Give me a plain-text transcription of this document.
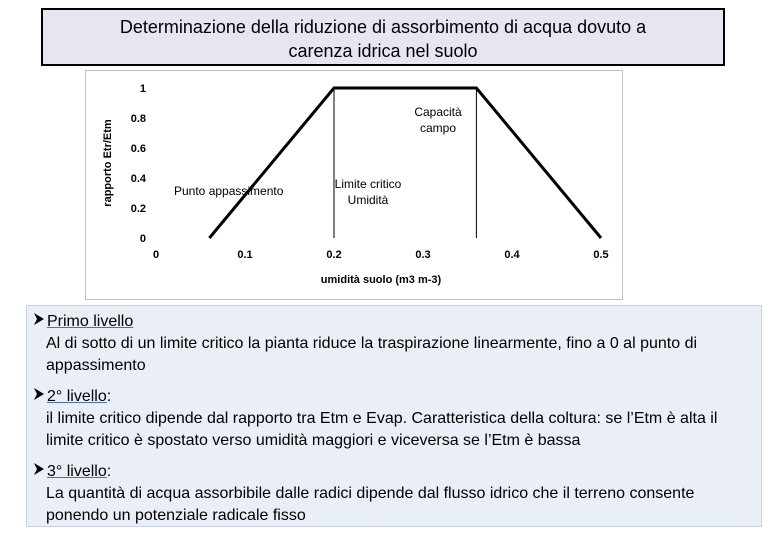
Determinazione della riduzione di assorbimento di acqua dovuto a
carenza idrica nel suolo
0
0.2
0.4
0.6
0.8
1
0	0.1	0.2	0.3	0.4	0.5
umidità suolo (m3 m-3)
rapporto Etr/Etm	Punto appassimento	Limite critico
Umidità
Capacità
campo
Primo livello
Al di sotto di un limite critico la pianta riduce la traspirazione linearmente, fino a 0 al punto di appassimento
2° livello:
il limite critico dipende dal rapporto tra Etm e Evap. Caratteristica della coltura: se l’Etm è alta il limite critico è spostato verso umidità maggiori e viceversa se l’Etm è bassa
3° livello:
La quantità di acqua assorbibile dalle radici dipende dal flusso idrico che il terreno consente ponendo un potenziale radicale fisso
